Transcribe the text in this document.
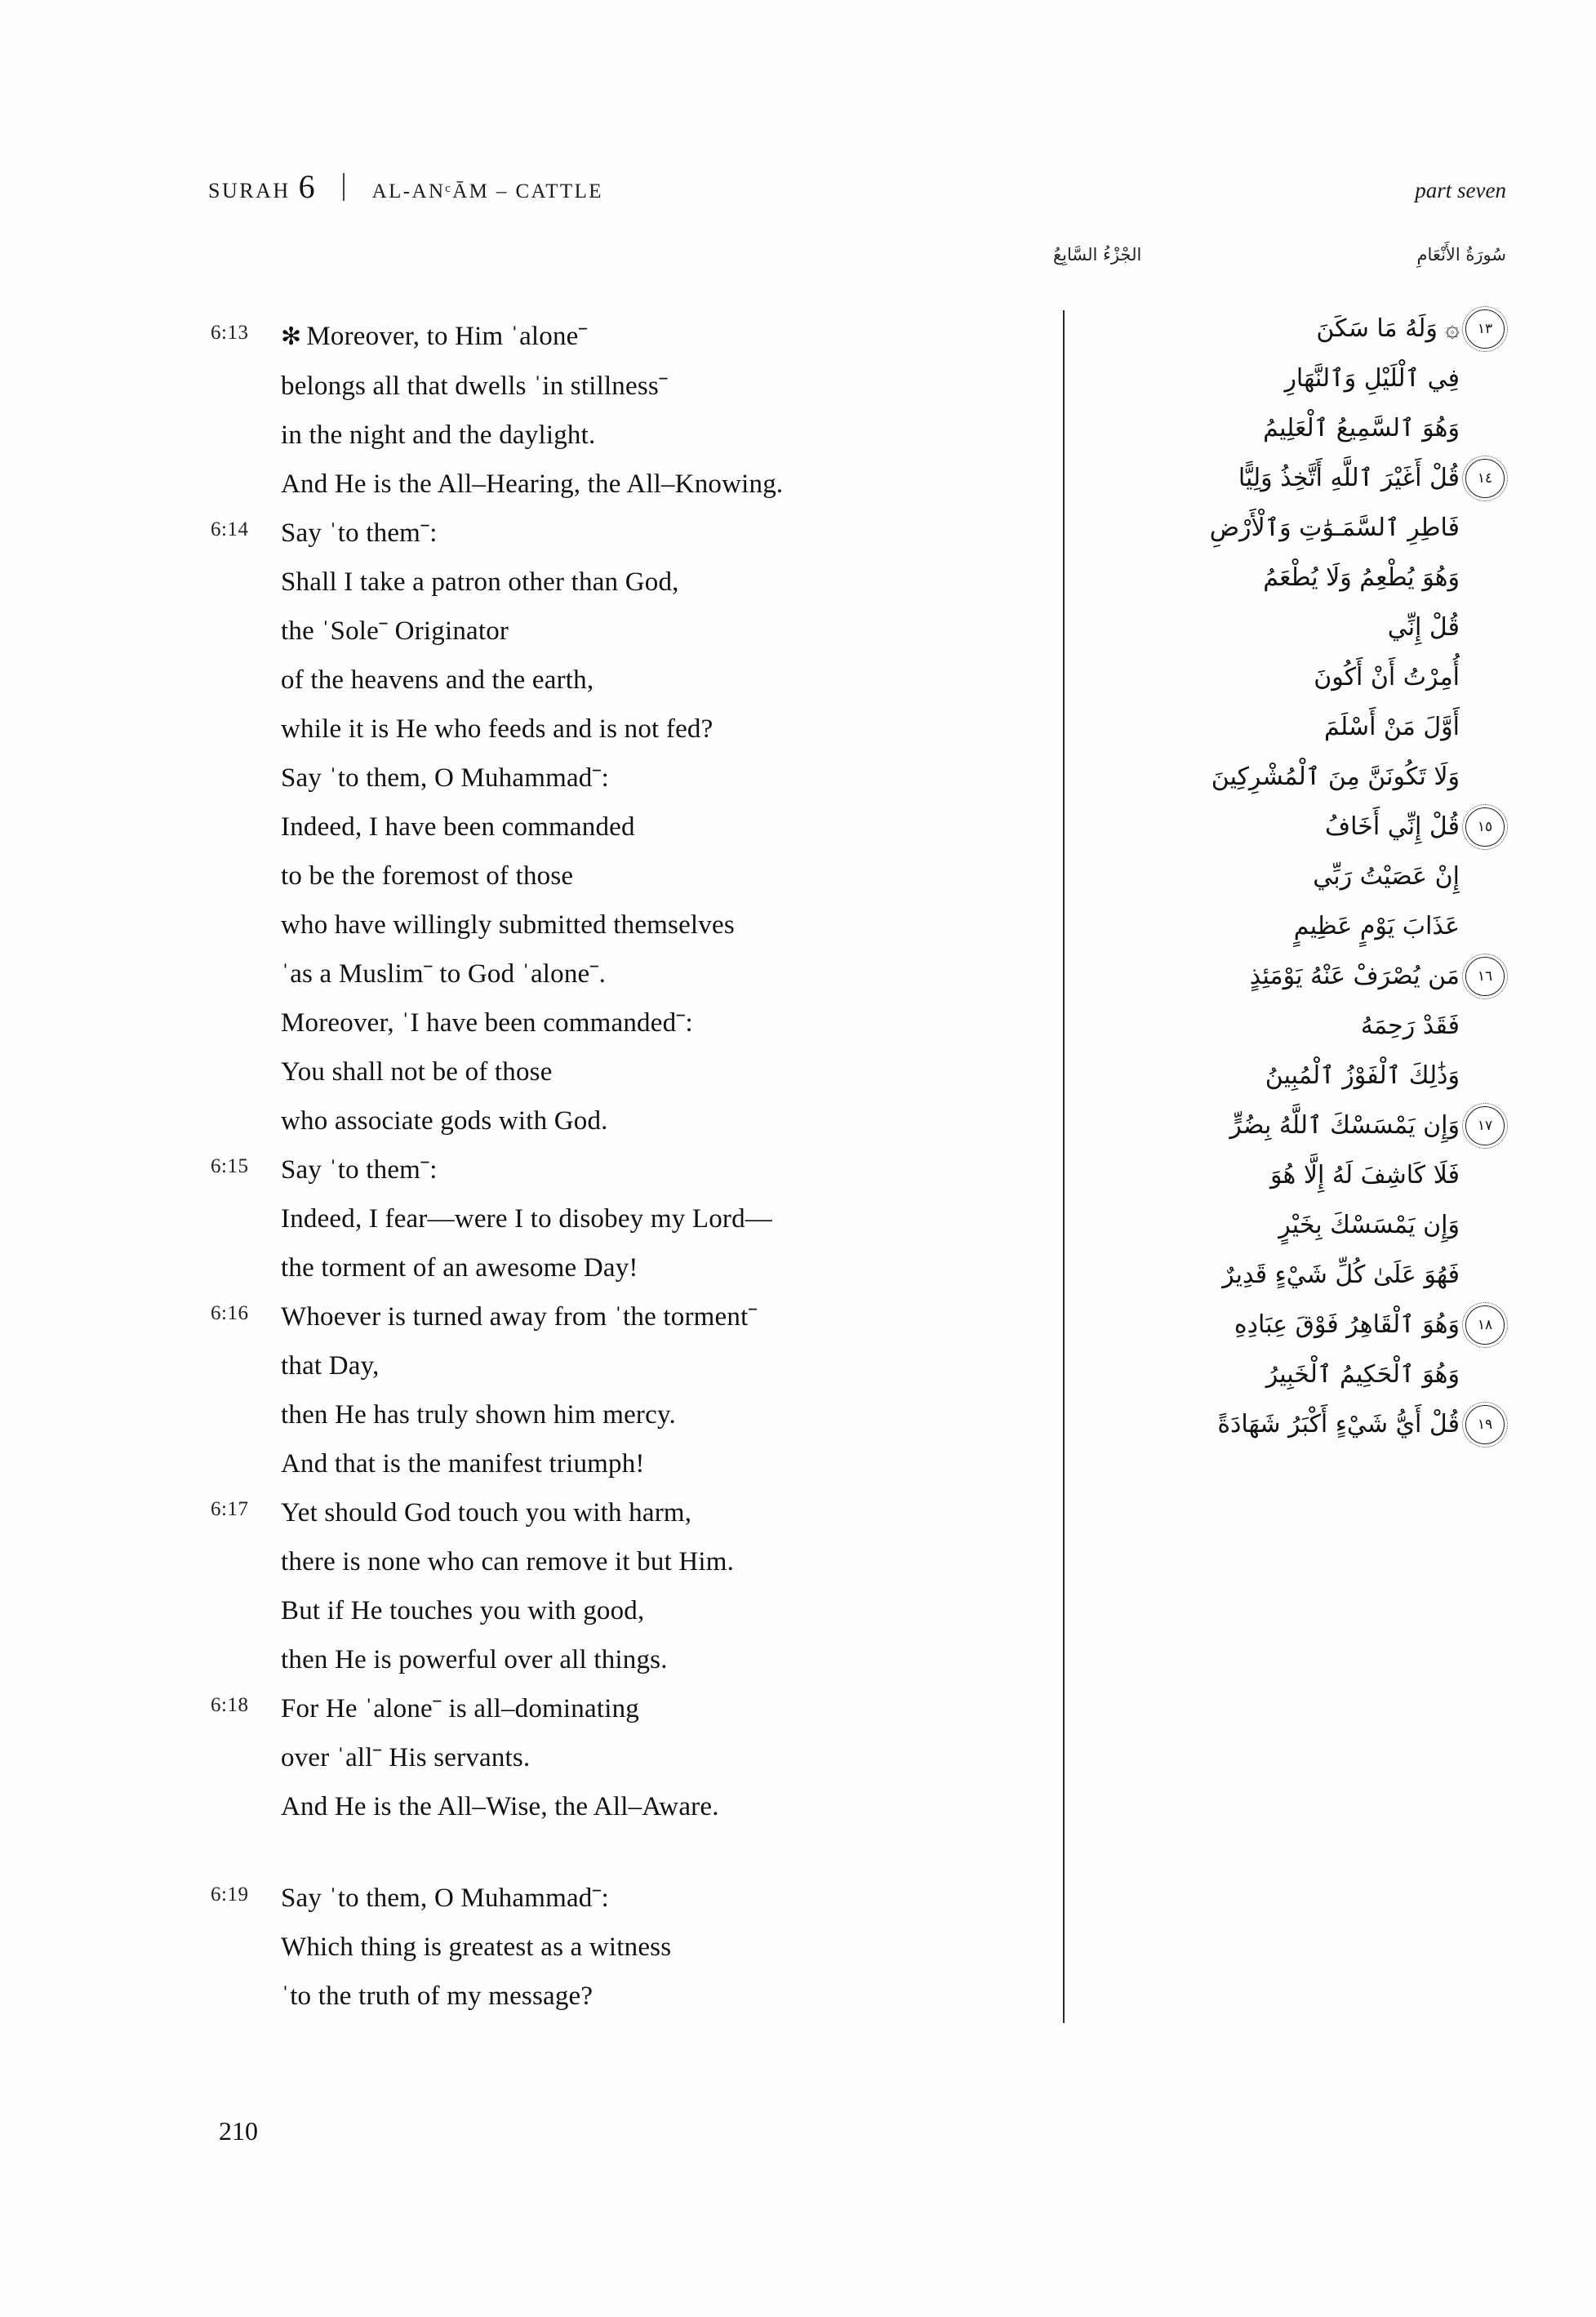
SURAH 6	AL-ANᶜĀM – CATTLE	part seven
سُورَةُ الأَنْعَامِ
الجْزْءُ السَّابِعُ
6:13	✻ Moreover, to Him ˈaloneˉ
belongs all that dwells ˈin stillnessˉ
in the night and the daylight.
And He is the All–Hearing, the All–Knowing.
6:14	Say ˈto themˉ:
Shall I take a patron other than God,
the ˈSoleˉ Originator
of the heavens and the earth,
while it is He who feeds and is not fed?
Say ˈto them, O Muhammadˉ:
Indeed, I have been commanded
to be the foremost of those
who have willingly submitted themselves
ˈas a Muslimˉ to God ˈaloneˉ.
Moreover, ˈI have been commandedˉ:
You shall not be of those
who associate gods with God.
6:15	Say ˈto themˉ:
Indeed, I fear—were I to disobey my Lord—
the torment of an awesome Day!
6:16	Whoever is turned away from ˈthe tormentˉ
that Day,
then He has truly shown him mercy.
And that is the manifest triumph!
6:17	Yet should God touch you with harm,
there is none who can remove it but Him.
But if He touches you with good,
then He is powerful over all things.
6:18	For He ˈaloneˉ is all–dominating
over ˈallˉ His servants.
And He is the All–Wise, the All–Aware.
6:19	Say ˈto them, O Muhammadˉ:
Which thing is greatest as a witness
ˈto the truth of my message?
١٣
۞ وَلَهُ مَا سَكَنَ
فِي ٱلْلَيْلِ وَٱلنَّهَارِ
وَهُوَ ٱلسَّمِيعُ ٱلْعَلِيمُ
١٤
قُلْ أَغَيْرَ ٱللَّهِ أَتَّخِذُ وَلِيًّا
فَاطِرِ ٱلسَّمَـوَٰتِ وَٱلْأَرْضِ
وَهُوَ يُطْعِمُ وَلَا يُطْعَمُ
قُلْ إِنِّي
أُمِرْتُ أَنْ أَكُونَ
أَوَّلَ مَنْ أَسْلَمَ
وَلَا تَكُونَنَّ مِنَ ٱلْمُشْرِكِينَ
١٥
قُلْ إِنِّي أَخَافُ
إِنْ عَصَيْتُ رَبِّي
عَذَابَ يَوْمٍ عَظِيمٍ
١٦
مَن يُصْرَفْ عَنْهُ يَوْمَئِذٍ
فَقَدْ رَحِمَهُ
وَذَٰلِكَ ٱلْفَوْزُ ٱلْمُبِينُ
١٧
وَإِن يَمْسَسْكَ ٱللَّهُ بِضُرٍّ
فَلَا كَاشِفَ لَهُ إِلَّا هُوَ
وَإِن يَمْسَسْكَ بِخَيْرٍ
فَهُوَ عَلَىٰ كُلِّ شَيْءٍ قَدِيرٌ
١٨
وَهُوَ ٱلْقَاهِرُ فَوْقَ عِبَادِهِ
وَهُوَ ٱلْحَكِيمُ ٱلْخَبِيرُ
١٩
قُلْ أَيُّ شَيْءٍ أَكْبَرُ شَهَادَةً
210
